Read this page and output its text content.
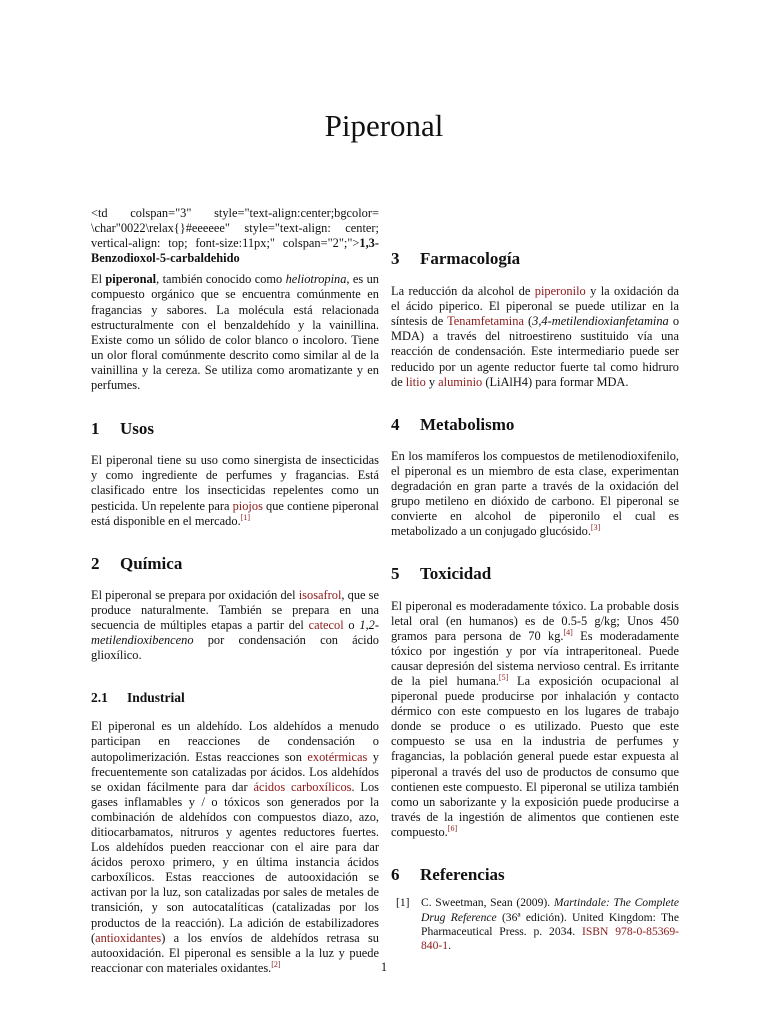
Piperonal

<td colspan="3" style="text-align:center;bgcolor= \char"0022\relax{}#eeeeee" style="text-align: center; vertical-align: top; font-size:11px;" colspan="2";">1,3-Benzodioxol-5-carbaldehido

El piperonal, también conocido como heliotropina, es un compuesto orgánico que se encuentra comúnmente en fragancias y sabores. La molécula está relacionada estructuralmente con el benzaldehído y la vainillina. Existe como un sólido de color blanco o incoloro. Tiene un olor floral comúnmente descrito como similar al de la vainillina y la cereza. Se utiliza como aromatizante y en perfumes.

1	Usos

El piperonal tiene su uso como sinergista de insecticidas y como ingrediente de perfumes y fragancias. Está clasificado entre los insecticidas repelentes como un pesticida. Un repelente para piojos que contiene piperonal está disponible en el mercado.[1]

2	Química

El piperonal se prepara por oxidación del isosafrol, que se produce naturalmente. También se prepara en una secuencia de múltiples etapas a partir del catecol o 1,2-metilendioxibenceno por condensación con ácido glioxílico.

2.1	Industrial

El piperonal es un aldehído. Los aldehídos a menudo participan en reacciones de condensación o autopolimerización. Estas reacciones son exotérmicas y frecuentemente son catalizadas por ácidos. Los aldehídos se oxidan fácilmente para dar ácidos carboxílicos. Los gases inflamables y / o tóxicos son generados por la combinación de aldehídos con compuestos diazo, azo, ditiocarbamatos, nitruros y agentes reductores fuertes. Los aldehídos pueden reaccionar con el aire para dar ácidos peroxo primero, y en última instancia ácidos carboxílicos. Estas reacciones de autooxidación se activan por la luz, son catalizadas por sales de metales de transición, y son autocatalíticas (catalizadas por los productos de la reacción). La adición de estabilizadores (antioxidantes) a los envíos de aldehídos retrasa su autooxidación. El piperonal es sensible a la luz y puede reaccionar con materiales oxidantes.[2]

3	Farmacología

La reducción da alcohol de piperonilo y la oxidación da el ácido piperico. El piperonal se puede utilizar en la síntesis de Tenamfetamina (3,4-metilendioxianfetamina o MDA) a través del nitroestireno sustituido vía una reacción de condensación. Este intermediario puede ser reducido por un agente reductor fuerte tal como hidruro de litio y aluminio (LiAlH4) para formar MDA.

4	Metabolismo

En los mamíferos los compuestos de metilenodioxifenilo, el piperonal es un miembro de esta clase, experimentan degradación en gran parte a través de la oxidación del grupo metileno en dióxido de carbono. El piperonal se convierte en alcohol de piperonilo el cual es metabolizado a un conjugado glucósido.[3]

5	Toxicidad

El piperonal es moderadamente tóxico. La probable dosis letal oral (en humanos) es de 0.5-5 g/kg; Unos 450 gramos para persona de 70 kg.[4] Es moderadamente tóxico por ingestión y por vía intraperitoneal. Puede causar depresión del sistema nervioso central. Es irritante de la piel humana.[5] La exposición ocupacional al piperonal puede producirse por inhalación y contacto dérmico con este compuesto en los lugares de trabajo donde se produce o es utilizado. Puesto que este compuesto se usa en la industria de perfumes y fragancias, la población general puede estar expuesta al piperonal a través del uso de productos de consumo que contienen este compuesto. El piperonal se utiliza también como un saborizante y la exposición puede producirse a través de la ingestión de alimentos que contienen este compuesto.[6]

6	Referencias
[1] C. Sweetman, Sean (2009). Martindale: The Complete Drug Reference (36ª edición). United Kingdom: The Pharmaceutical Press. p. 2034. ISBN 978-0-85369-840-1.
1
